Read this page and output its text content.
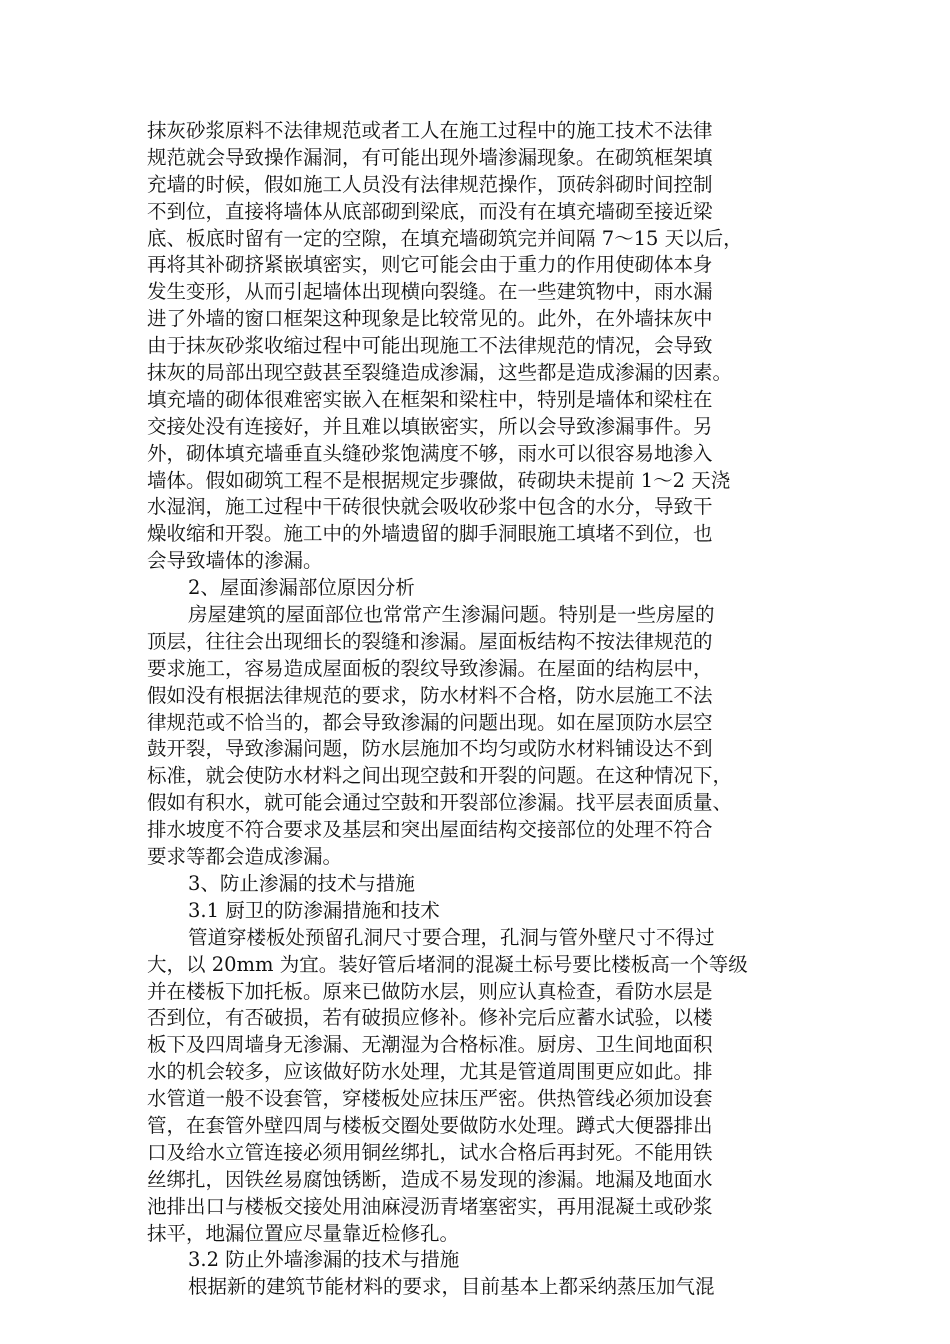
抹灰砂浆原料不法律规范或者工人在施工过程中的施工技术不法律
规范就会导致操作漏洞，有可能出现外墙渗漏现象。在砌筑框架填
充墙的时候，假如施工人员没有法律规范操作，顶砖斜砌时间控制
不到位，直接将墙体从底部砌到梁底，而没有在填充墙砌至接近梁
底、板底时留有一定的空隙，在填充墙砌筑完并间隔 7～15 天以后，
再将其补砌挤紧嵌填密实，则它可能会由于重力的作用使砌体本身
发生变形，从而引起墙体出现横向裂缝。在一些建筑物中，雨水漏
进了外墙的窗口框架这种现象是比较常见的。此外，在外墙抹灰中
由于抹灰砂浆收缩过程中可能出现施工不法律规范的情况，会导致
抹灰的局部出现空鼓甚至裂缝造成渗漏，这些都是造成渗漏的因素。
填充墙的砌体很难密实嵌入在框架和梁柱中，特别是墙体和梁柱在
交接处没有连接好，并且难以填嵌密实，所以会导致渗漏事件。另
外，砌体填充墙垂直头缝砂浆饱满度不够，雨水可以很容易地渗入
墙体。假如砌筑工程不是根据规定步骤做，砖砌块未提前 1～2 天浇
水湿润，施工过程中干砖很快就会吸收砂浆中包含的水分，导致干
燥收缩和开裂。施工中的外墙遗留的脚手洞眼施工填堵不到位，也
会导致墙体的渗漏。
2、屋面渗漏部位原因分析
房屋建筑的屋面部位也常常产生渗漏问题。特别是一些房屋的
顶层，往往会出现细长的裂缝和渗漏。屋面板结构不按法律规范的
要求施工，容易造成屋面板的裂纹导致渗漏。在屋面的结构层中，
假如没有根据法律规范的要求，防水材料不合格，防水层施工不法
律规范或不恰当的，都会导致渗漏的问题出现。如在屋顶防水层空
鼓开裂，导致渗漏问题，防水层施加不均匀或防水材料铺设达不到
标准，就会使防水材料之间出现空鼓和开裂的问题。在这种情况下，
假如有积水，就可能会通过空鼓和开裂部位渗漏。找平层表面质量、
排水坡度不符合要求及基层和突出屋面结构交接部位的处理不符合
要求等都会造成渗漏。
3、防止渗漏的技术与措施
3.1 厨卫的防渗漏措施和技术
管道穿楼板处预留孔洞尺寸要合理，孔洞与管外壁尺寸不得过
大，以 20mm 为宜。装好管后堵洞的混凝土标号要比楼板高一个等级
并在楼板下加托板。原来已做防水层，则应认真检查，看防水层是
否到位，有否破损，若有破损应修补。修补完后应蓄水试验，以楼
板下及四周墙身无渗漏、无潮湿为合格标准。厨房、卫生间地面积
水的机会较多，应该做好防水处理，尤其是管道周围更应如此。排
水管道一般不设套管，穿楼板处应抹压严密。供热管线必须加设套
管，在套管外壁四周与楼板交圈处要做防水处理。蹲式大便器排出
口及给水立管连接必须用铜丝绑扎，试水合格后再封死。不能用铁
丝绑扎，因铁丝易腐蚀锈断，造成不易发现的渗漏。地漏及地面水
池排出口与楼板交接处用油麻浸沥青堵塞密实，再用混凝土或砂浆
抹平，地漏位置应尽量靠近检修孔。
3.2 防止外墙渗漏的技术与措施
根据新的建筑节能材料的要求，目前基本上都采纳蒸压加气混
